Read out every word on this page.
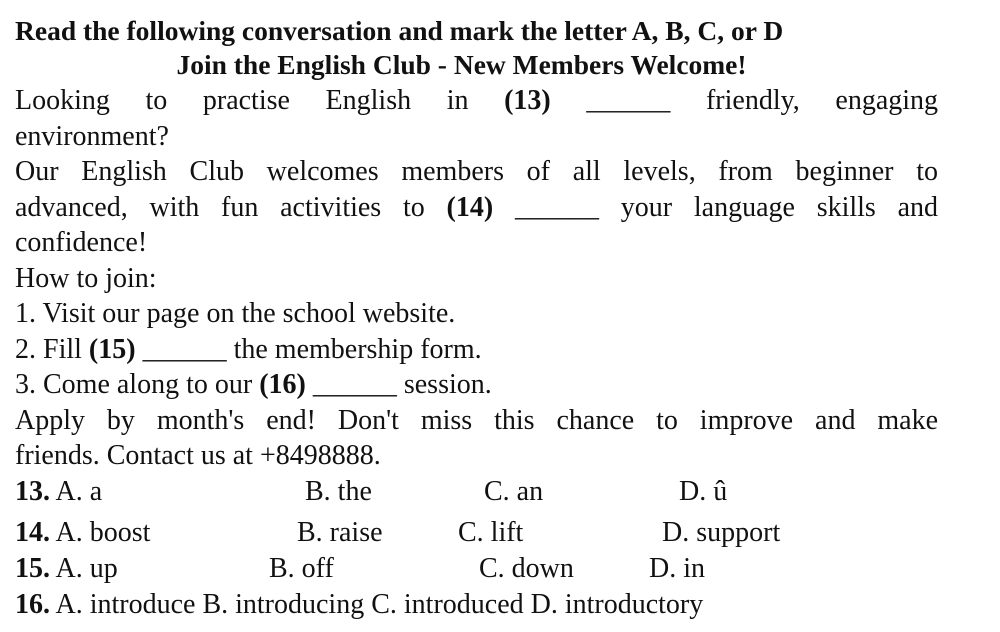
Read the following conversation and mark the letter A, B, C, or D
Join the English Club - New Members Welcome!
Looking to practise English in (13) ______ friendly, engaging
environment?
Our English Club welcomes members of all levels, from beginner to
advanced, with fun activities to (14) ______ your language skills and
confidence!
How to join:
1. Visit our page on the school website.
2. Fill (15) ______ the membership form.
3. Come along to our (16) ______ session.
Apply by month's end! Don't miss this chance to improve and make
friends. Contact us at +8498888.
13. A. a	B. the	C. an	D. û
14. A. boost	B. raise	C. lift	D. support
15. A. up	B. off	C. down	D. in
16. A. introduce B. introducing C. introduced D. introductory
